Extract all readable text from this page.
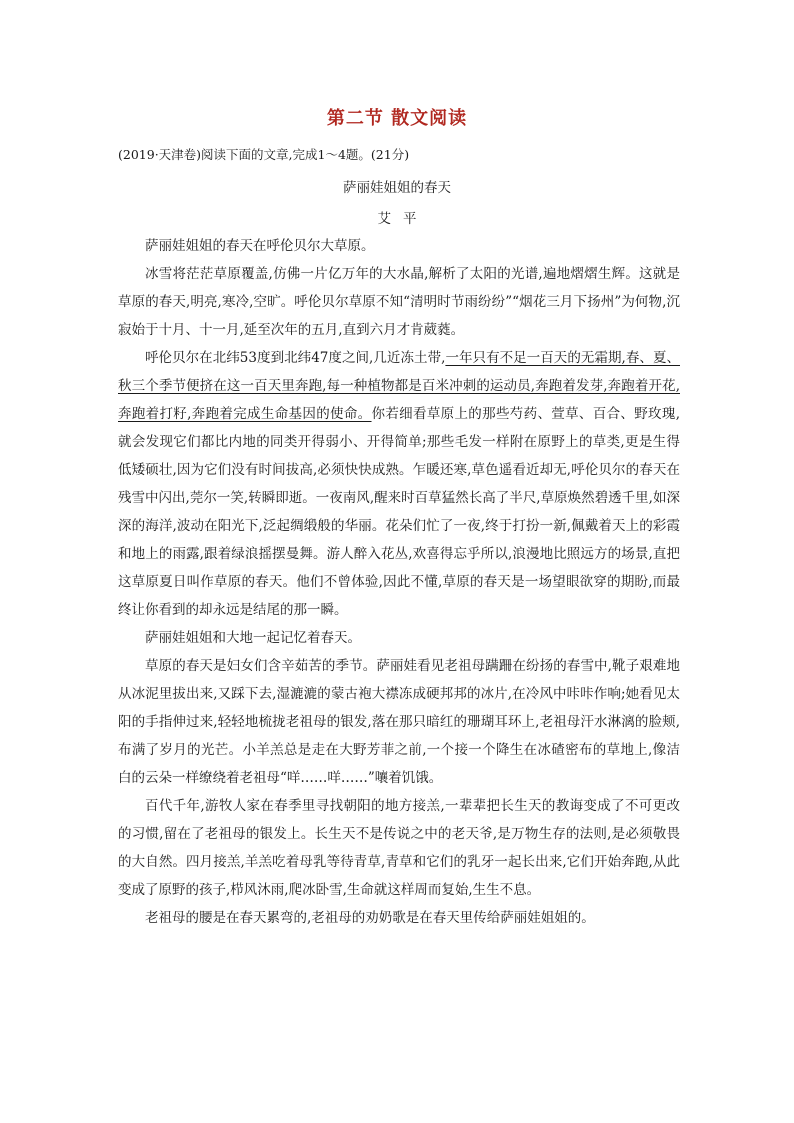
第二节 散文阅读
(2019·天津卷)阅读下面的文章,完成1～4题。(21分)
萨丽娃姐姐的春天
艾平

萨丽娃姐姐的春天在呼伦贝尔大草原。

冰雪将茫茫草原覆盖,仿佛一片亿万年的大水晶,解析了太阳的光谱,遍地熠熠生辉。这就是草原的春天,明亮,寒冷,空旷。呼伦贝尔草原不知“清明时节雨纷纷”“烟花三月下扬州”为何物,沉寂始于十月、十一月,延至次年的五月,直到六月才肯葳蕤。

呼伦贝尔在北纬53度到北纬47度之间,几近冻土带,一年只有不足一百天的无霜期,春、夏、秋三个季节便挤在这一百天里奔跑,每一种植物都是百米冲刺的运动员,奔跑着发芽,奔跑着开花,奔跑着打籽,奔跑着完成生命基因的使命。你若细看草原上的那些芍药、萱草、百合、野玫瑰,就会发现它们都比内地的同类开得弱小、开得简单;那些毛发一样附在原野上的草类,更是生得低矮硕壮,因为它们没有时间拔高,必须快快成熟。乍暖还寒,草色遥看近却无,呼伦贝尔的春天在残雪中闪出,莞尔一笑,转瞬即逝。一夜南风,醒来时百草猛然长高了半尺,草原焕然碧透千里,如深深的海洋,波动在阳光下,泛起绸缎般的华丽。花朵们忙了一夜,终于打扮一新,佩戴着天上的彩霞和地上的雨露,跟着绿浪摇摆曼舞。游人醉入花丛,欢喜得忘乎所以,浪漫地比照远方的场景,直把这草原夏日叫作草原的春天。他们不曾体验,因此不懂,草原的春天是一场望眼欲穿的期盼,而最终让你看到的却永远是结尾的那一瞬。

萨丽娃姐姐和大地一起记忆着春天。

草原的春天是妇女们含辛茹苦的季节。萨丽娃看见老祖母蹒跚在纷扬的春雪中,靴子艰难地从冰泥里拔出来,又踩下去,湿漉漉的蒙古袍大襟冻成硬邦邦的冰片,在冷风中咔咔作响;她看见太阳的手指伸过来,轻轻地梳拢老祖母的银发,落在那只暗红的珊瑚耳环上,老祖母汗水淋漓的脸颊,布满了岁月的光芒。小羊羔总是走在大野芳菲之前,一个接一个降生在冰碴密布的草地上,像洁白的云朵一样缭绕着老祖母“咩……咩……”嚷着饥饿。

百代千年,游牧人家在春季里寻找朝阳的地方接羔,一辈辈把长生天的教诲变成了不可更改的习惯,留在了老祖母的银发上。长生天不是传说之中的老天爷,是万物生存的法则,是必须敬畏的大自然。四月接羔,羊羔吃着母乳等待青草,青草和它们的乳牙一起长出来,它们开始奔跑,从此变成了原野的孩子,栉风沐雨,爬冰卧雪,生命就这样周而复始,生生不息。

老祖母的腰是在春天累弯的,老祖母的劝奶歌是在春天里传给萨丽娃姐姐的。
